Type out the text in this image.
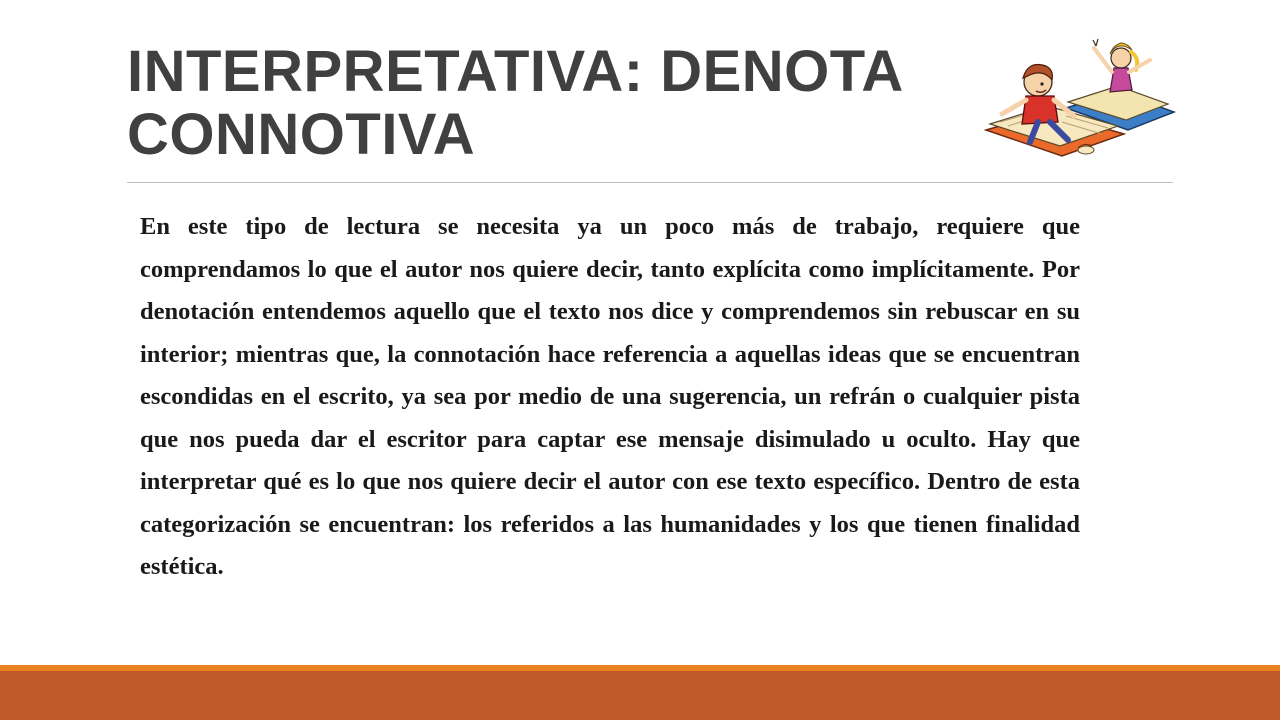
INTERPRETATIVA: DENOTA
CONNOTIVA

En este tipo de lectura se necesita ya un poco más de trabajo, requiere que comprendamos lo que el autor nos quiere decir, tanto explícita como implícitamente. Por denotación entendemos aquello que el texto nos dice y comprendemos sin rebuscar en su interior; mientras que, la connotación hace referencia a aquellas ideas que se encuentran escondidas en el escrito, ya sea por medio de una sugerencia, un refrán o cualquier pista que nos pueda dar el escritor para captar ese mensaje disimulado u oculto. Hay que interpretar qué es lo que nos quiere decir el autor con ese texto específico. Dentro de esta categorización se encuentran: los referidos a las humanidades y los que tienen finalidad estética.
